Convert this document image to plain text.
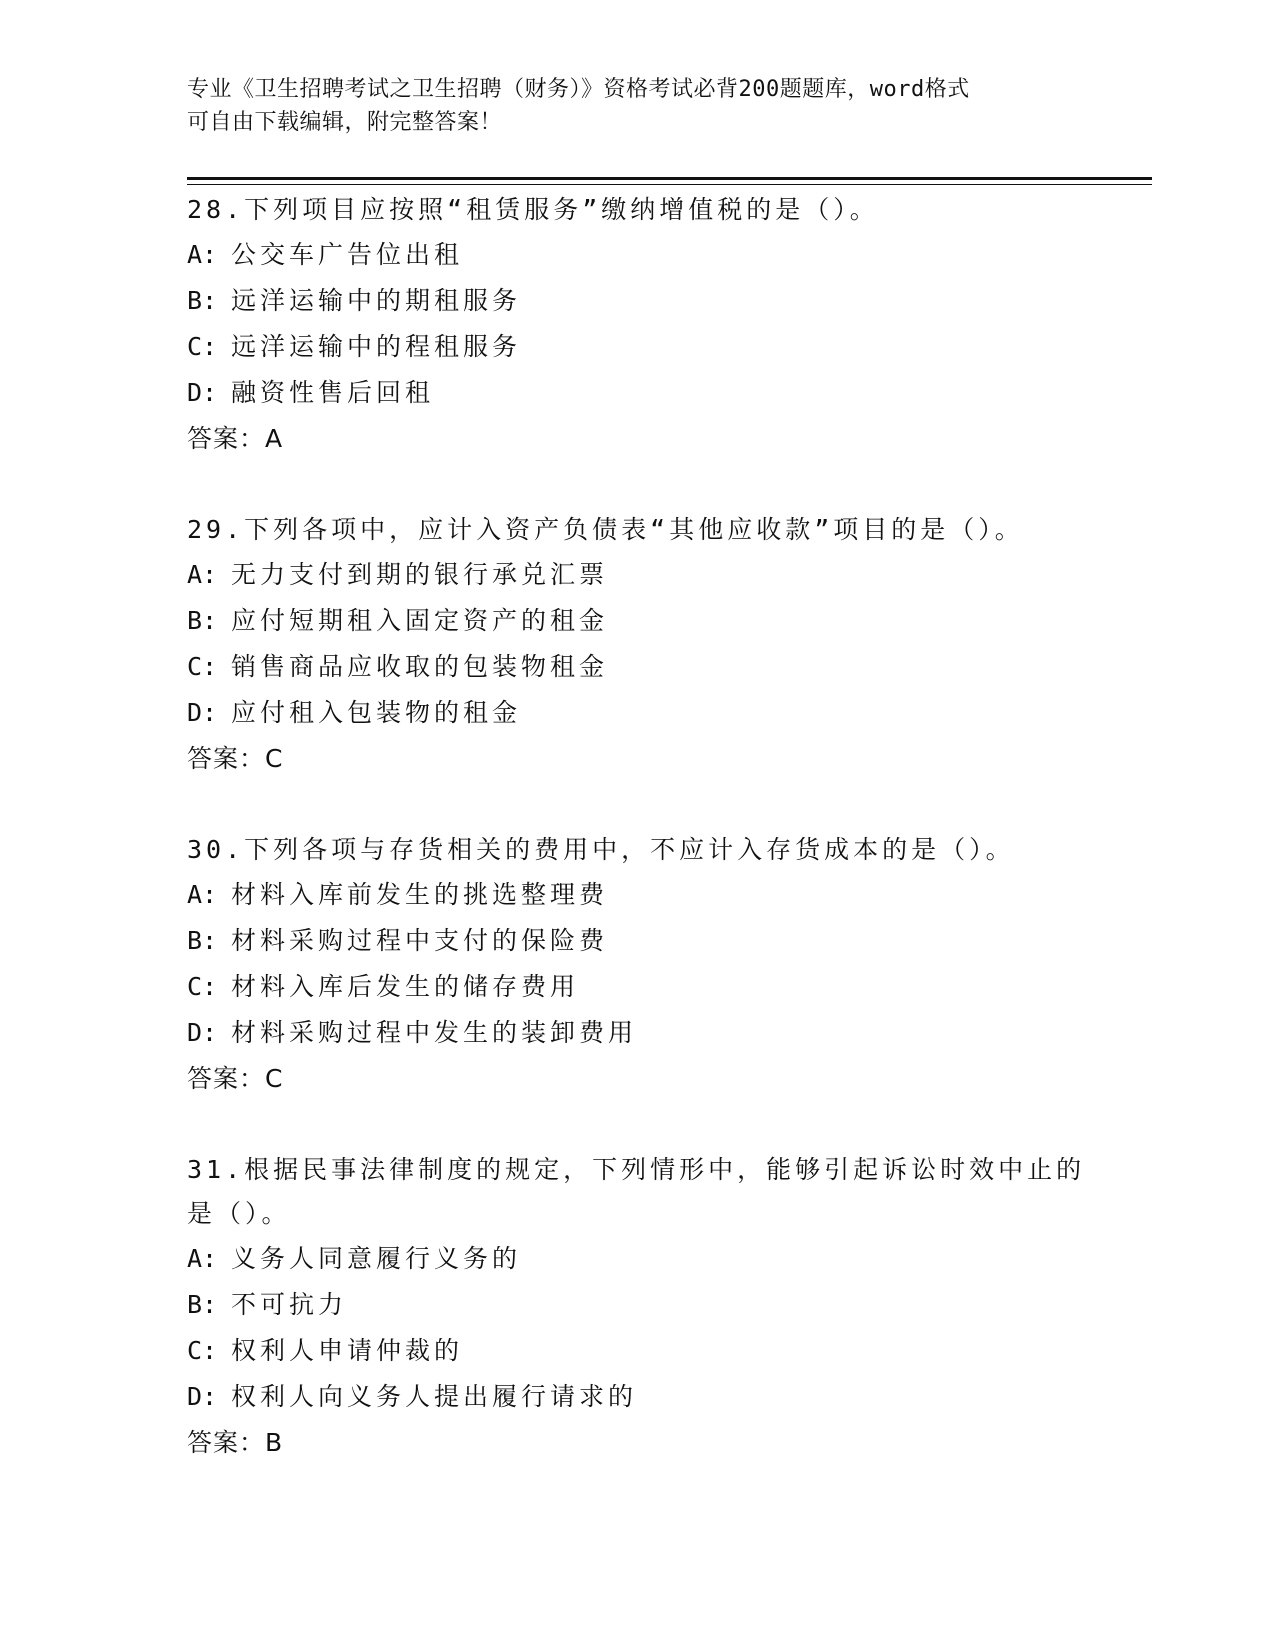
专业《卫生招聘考试之卫生招聘（财务）》资格考试必背200题题库，word格式
可自由下载编辑，附完整答案！

28.下列项目应按照“租赁服务”缴纳增值税的是（）。

A: 公交车广告位出租
B: 远洋运输中的期租服务
C: 远洋运输中的程租服务
D: 融资性售后回租
答案：A

29.下列各项中，应计入资产负债表“其他应收款”项目的是（）。

A: 无力支付到期的银行承兑汇票
B: 应付短期租入固定资产的租金
C: 销售商品应收取的包装物租金
D: 应付租入包装物的租金
答案：C

30.下列各项与存货相关的费用中，不应计入存货成本的是（）。

A: 材料入库前发生的挑选整理费
B: 材料采购过程中支付的保险费
C: 材料入库后发生的储存费用
D: 材料采购过程中发生的装卸费用
答案：C

31.根据民事法律制度的规定，下列情形中，能够引起诉讼时效中止的是（）。

A: 义务人同意履行义务的
B: 不可抗力
C: 权利人申请仲裁的
D: 权利人向义务人提出履行请求的
答案：B
